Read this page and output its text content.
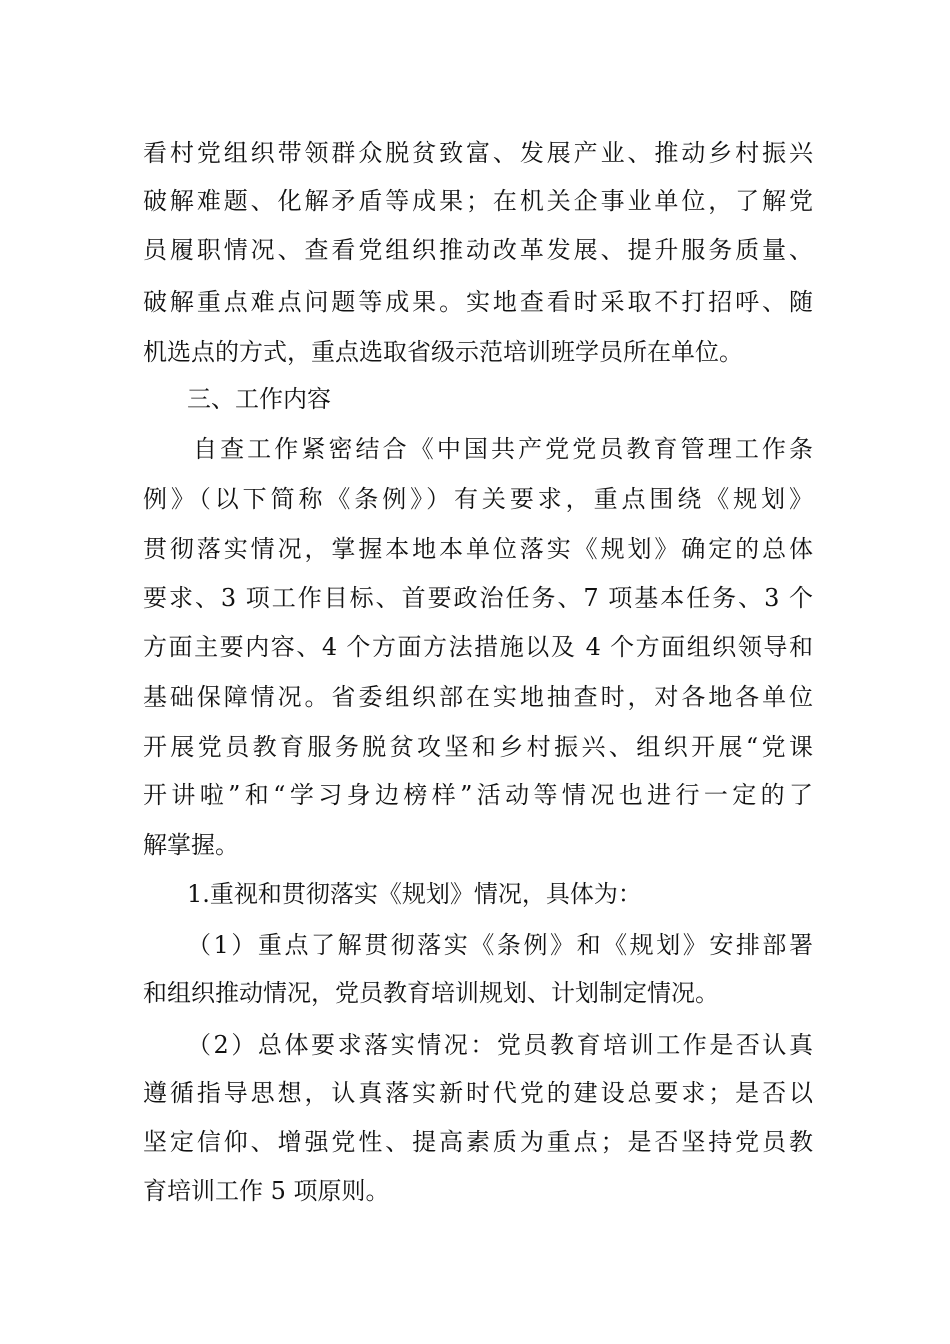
看村党组织带领群众脱贫致富、发展产业、推动乡村振兴
破解难题、化解矛盾等成果；在机关企事业单位，了解党
员履职情况、查看党组织推动改革发展、提升服务质量、
破解重点难点问题等成果。实地查看时采取不打招呼、随
机选点的方式，重点选取省级示范培训班学员所在单位。
三、工作内容
自查工作紧密结合《中国共产党党员教育管理工作条
例》（以下简称《条例》）有关要求，重点围绕《规划》
贯彻落实情况，掌握本地本单位落实《规划》确定的总体
要求、3 项工作目标、首要政治任务、7 项基本任务、3 个
方面主要内容、4 个方面方法措施以及 4 个方面组织领导和
基础保障情况。省委组织部在实地抽查时，对各地各单位
开展党员教育服务脱贫攻坚和乡村振兴、组织开展“党课
开讲啦”和“学习身边榜样”活动等情况也进行一定的了
解掌握。
1.重视和贯彻落实《规划》情况，具体为：
（1）重点了解贯彻落实《条例》和《规划》安排部署
和组织推动情况，党员教育培训规划、计划制定情况。
（2）总体要求落实情况：党员教育培训工作是否认真
遵循指导思想，认真落实新时代党的建设总要求；是否以
坚定信仰、增强党性、提高素质为重点；是否坚持党员教
育培训工作 5 项原则。
